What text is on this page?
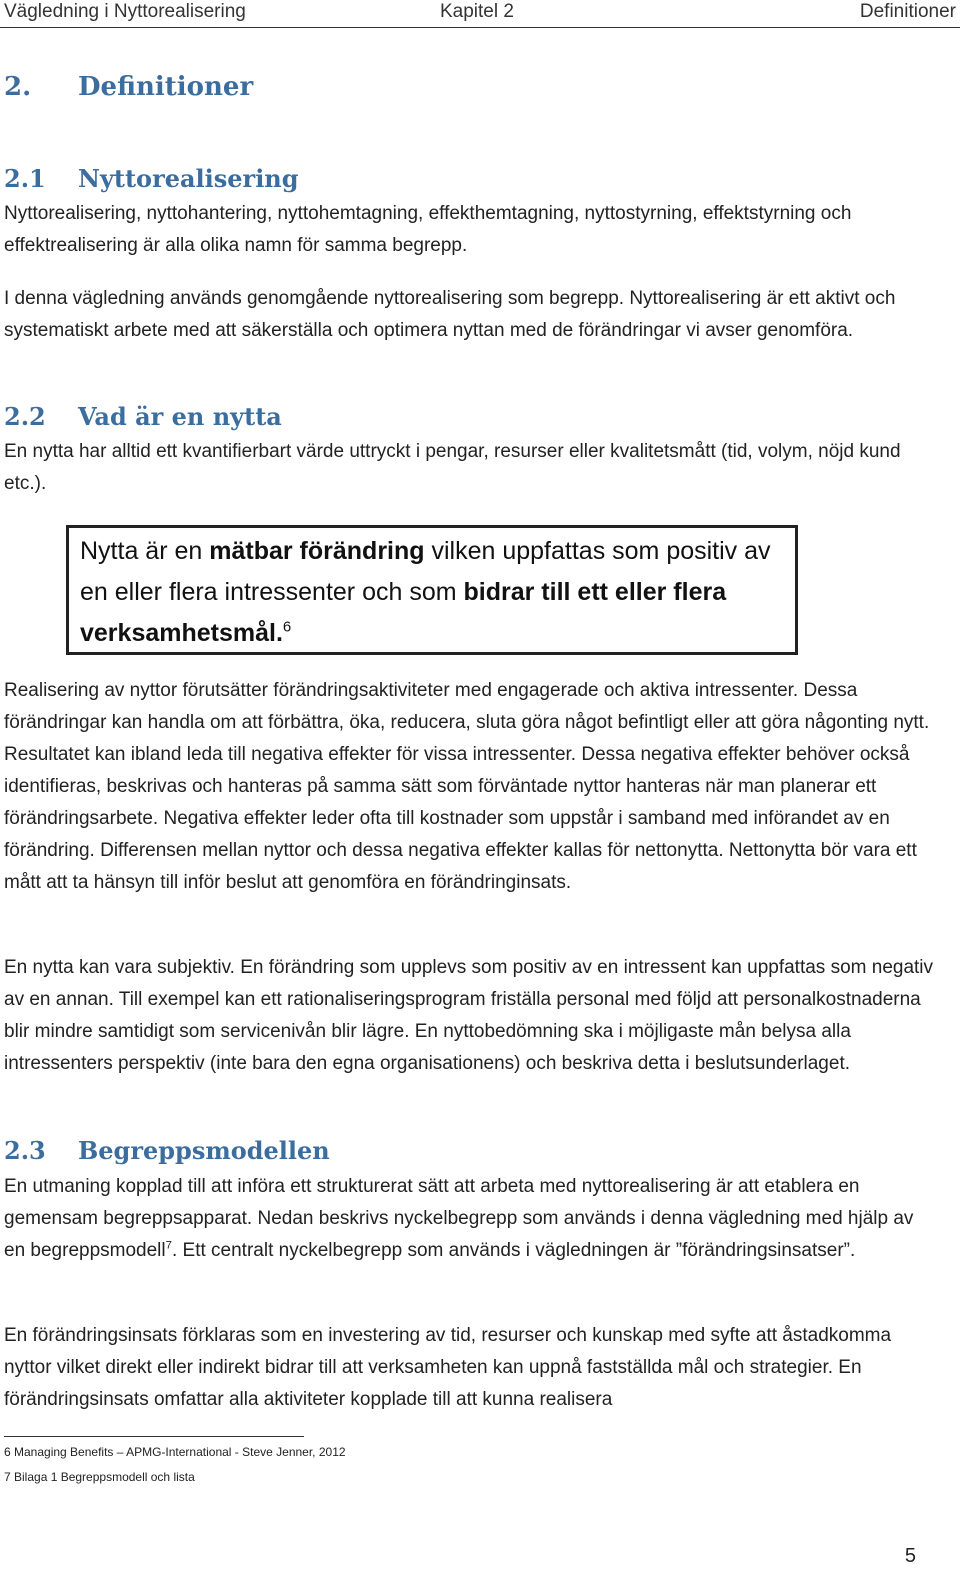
Vägledning i Nyttorealisering	Kapitel 2	Definitioner
2. Definitioner
2.1 Nyttorealisering

Nyttorealisering, nyttohantering, nyttohemtagning, effekthemtagning, nyttostyrning, effektstyrning och effektrealisering är alla olika namn för samma begrepp.

I denna vägledning används genomgående nyttorealisering som begrepp. Nyttorealisering är ett aktivt och systematiskt arbete med att säkerställa och optimera nyttan med de förändringar vi avser genomföra.

2.2 Vad är en nytta

En nytta har alltid ett kvantifierbart värde uttryckt i pengar, resurser eller kvalitetsmått (tid, volym, nöjd kund etc.).

Nytta är en mätbar förändring vilken uppfattas som positiv av en eller flera intressenter och som bidrar till ett eller flera verksamhetsmål.$^6$

Realisering av nyttor förutsätter förändringsaktiviteter med engagerade och aktiva intressenter. Dessa förändringar kan handla om att förbättra, öka, reducera, sluta göra något befintligt eller att göra någonting nytt. Resultatet kan ibland leda till negativa effekter för vissa intressenter. Dessa negativa effekter behöver också identifieras, beskrivas och hanteras på samma sätt som förväntade nyttor hanteras när man planerar ett förändringsarbete. Negativa effekter leder ofta till kostnader som uppstår i samband med införandet av en förändring. Differensen mellan nyttor och dessa negativa effekter kallas för nettonytta. Nettonytta bör vara ett mått att ta hänsyn till inför beslut att genomföra en förändringinsats.

En nytta kan vara subjektiv. En förändring som upplevs som positiv av en intressent kan uppfattas som negativ av en annan. Till exempel kan ett rationaliseringsprogram friställa personal med följd att personalkostnaderna blir mindre samtidigt som servicenivån blir lägre. En nyttobedömning ska i möjligaste mån belysa alla intressenters perspektiv (inte bara den egna organisationens) och beskriva detta i beslutsunderlaget.

2.3 Begreppsmodellen

En utmaning kopplad till att införa ett strukturerat sätt att arbeta med nyttorealisering är att etablera en gemensam begreppsapparat. Nedan beskrivs nyckelbegrepp som används i denna vägledning med hjälp av en begreppsmodell$^7$. Ett centralt nyckelbegrepp som används i vägledningen är ”förändringsinsatser”.

En förändringsinsats förklaras som en investering av tid, resurser och kunskap med syfte att åstadkomma nyttor vilket direkt eller indirekt bidrar till att verksamheten kan uppnå fastställda mål och strategier. En förändringsinsats omfattar alla aktiviteter kopplade till att kunna realisera

6 Managing Benefits – APMG-International - Steve Jenner, 2012

7 Bilaga 1 Begreppsmodell och lista

5
